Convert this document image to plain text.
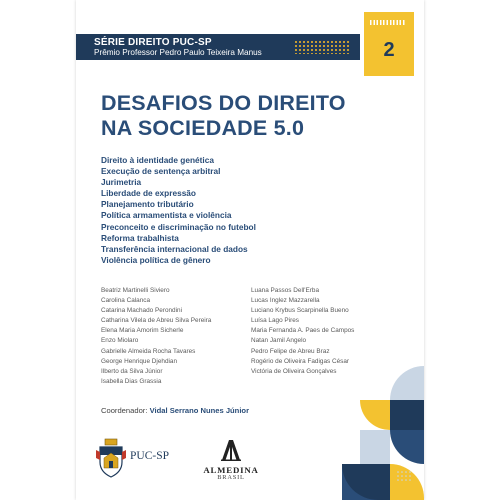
SÉRIE DIREITO PUC-SP
Prêmio Professor Pedro Paulo Teixeira Manus	2
DESAFIOS DO DIREITO
NA SOCIEDADE 5.0
Direito à identidade genética
Execução de sentença arbitral
Jurimetria
Liberdade de expressão
Planejamento tributário
Política armamentista e violência
Preconceito e discriminação no futebol
Reforma trabalhista
Transferência internacional de dados
Violência política de gênero
Beatriz Martinelli Siviero
Carolina Calanca
Catarina Machado Perondini
Catharina Vilela de Abreu Silva Pereira
Elena Maria Amorim Sicherle
Enzo Miolaro
Gabrielle Almeida Rocha Tavares
George Henrique Djehdian
Ilberto da Silva Júnior
Isabella Dias Grassia
Luana Passos Dell'Erba
Lucas Inglez Mazzarella
Luciano Krybus Scarpinella Bueno
Luísa Lago Pires
Maria Fernanda A. Paes de Campos
Natan Jamil Angelo
Pedro Felipe de Abreu Braz
Rogério de Oliveira Fadigas César
Victória de Oliveira Gonçalves
Coordenador: Vidal Serrano Nunes Júnior
PUC-SP
ALMEDINA
BRASIL
